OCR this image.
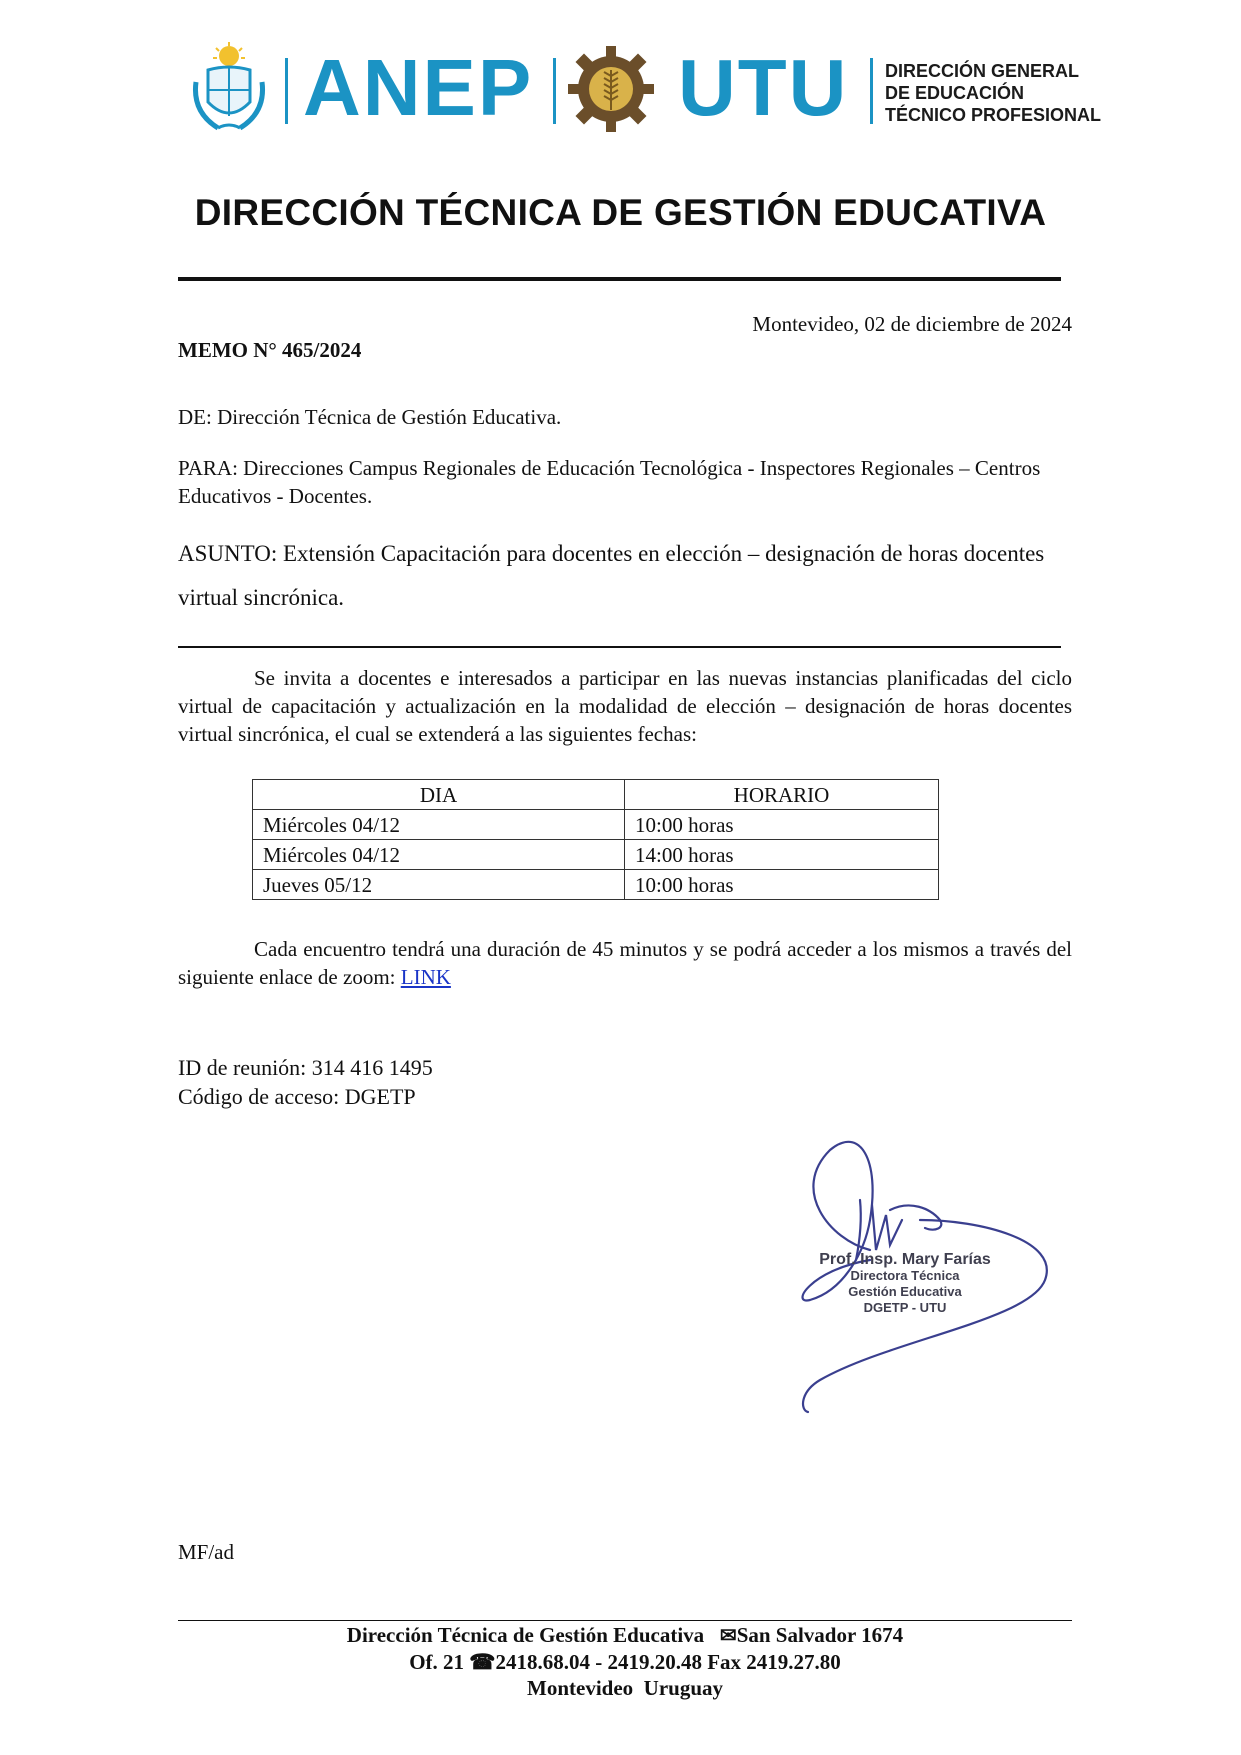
ANEP UTU DIRECCIÓN GENERAL
DE EDUCACIÓN
TÉCNICO PROFESIONAL
DIRECCIÓN TÉCNICA DE GESTIÓN EDUCATIVA
Montevideo, 02 de diciembre de 2024
MEMO N° 465/2024
DE: Dirección Técnica de Gestión Educativa.
PARA: Direcciones Campus Regionales de Educación Tecnológica - Inspectores Regionales – Centros Educativos - Docentes.
ASUNTO: Extensión Capacitación para docentes en elección – designación de horas docentes virtual sincrónica.
Se invita a docentes e interesados a participar en las nuevas instancias planificadas del ciclo virtual de capacitación y actualización en la modalidad de elección – designación de horas docentes virtual sincrónica, el cual se extenderá a las siguientes fechas:
DIA	HORARIO
Miércoles 04/12	10:00 horas
Miércoles 04/12	14:00 horas
Jueves 05/12	10:00 horas
Cada encuentro tendrá una duración de 45 minutos y se podrá acceder a los mismos a través del siguiente enlace de zoom: LINK
ID de reunión: 314 416 1495
Código de acceso: DGETP
Prof. Insp. Mary Farías
Directora Técnica
Gestión Educativa
DGETP - UTU
MF/ad
Dirección Técnica de Gestión Educativa ✉San Salvador 1674
Of. 21 ☎2418.68.04 - 2419.20.48 Fax 2419.27.80
Montevideo  Uruguay
